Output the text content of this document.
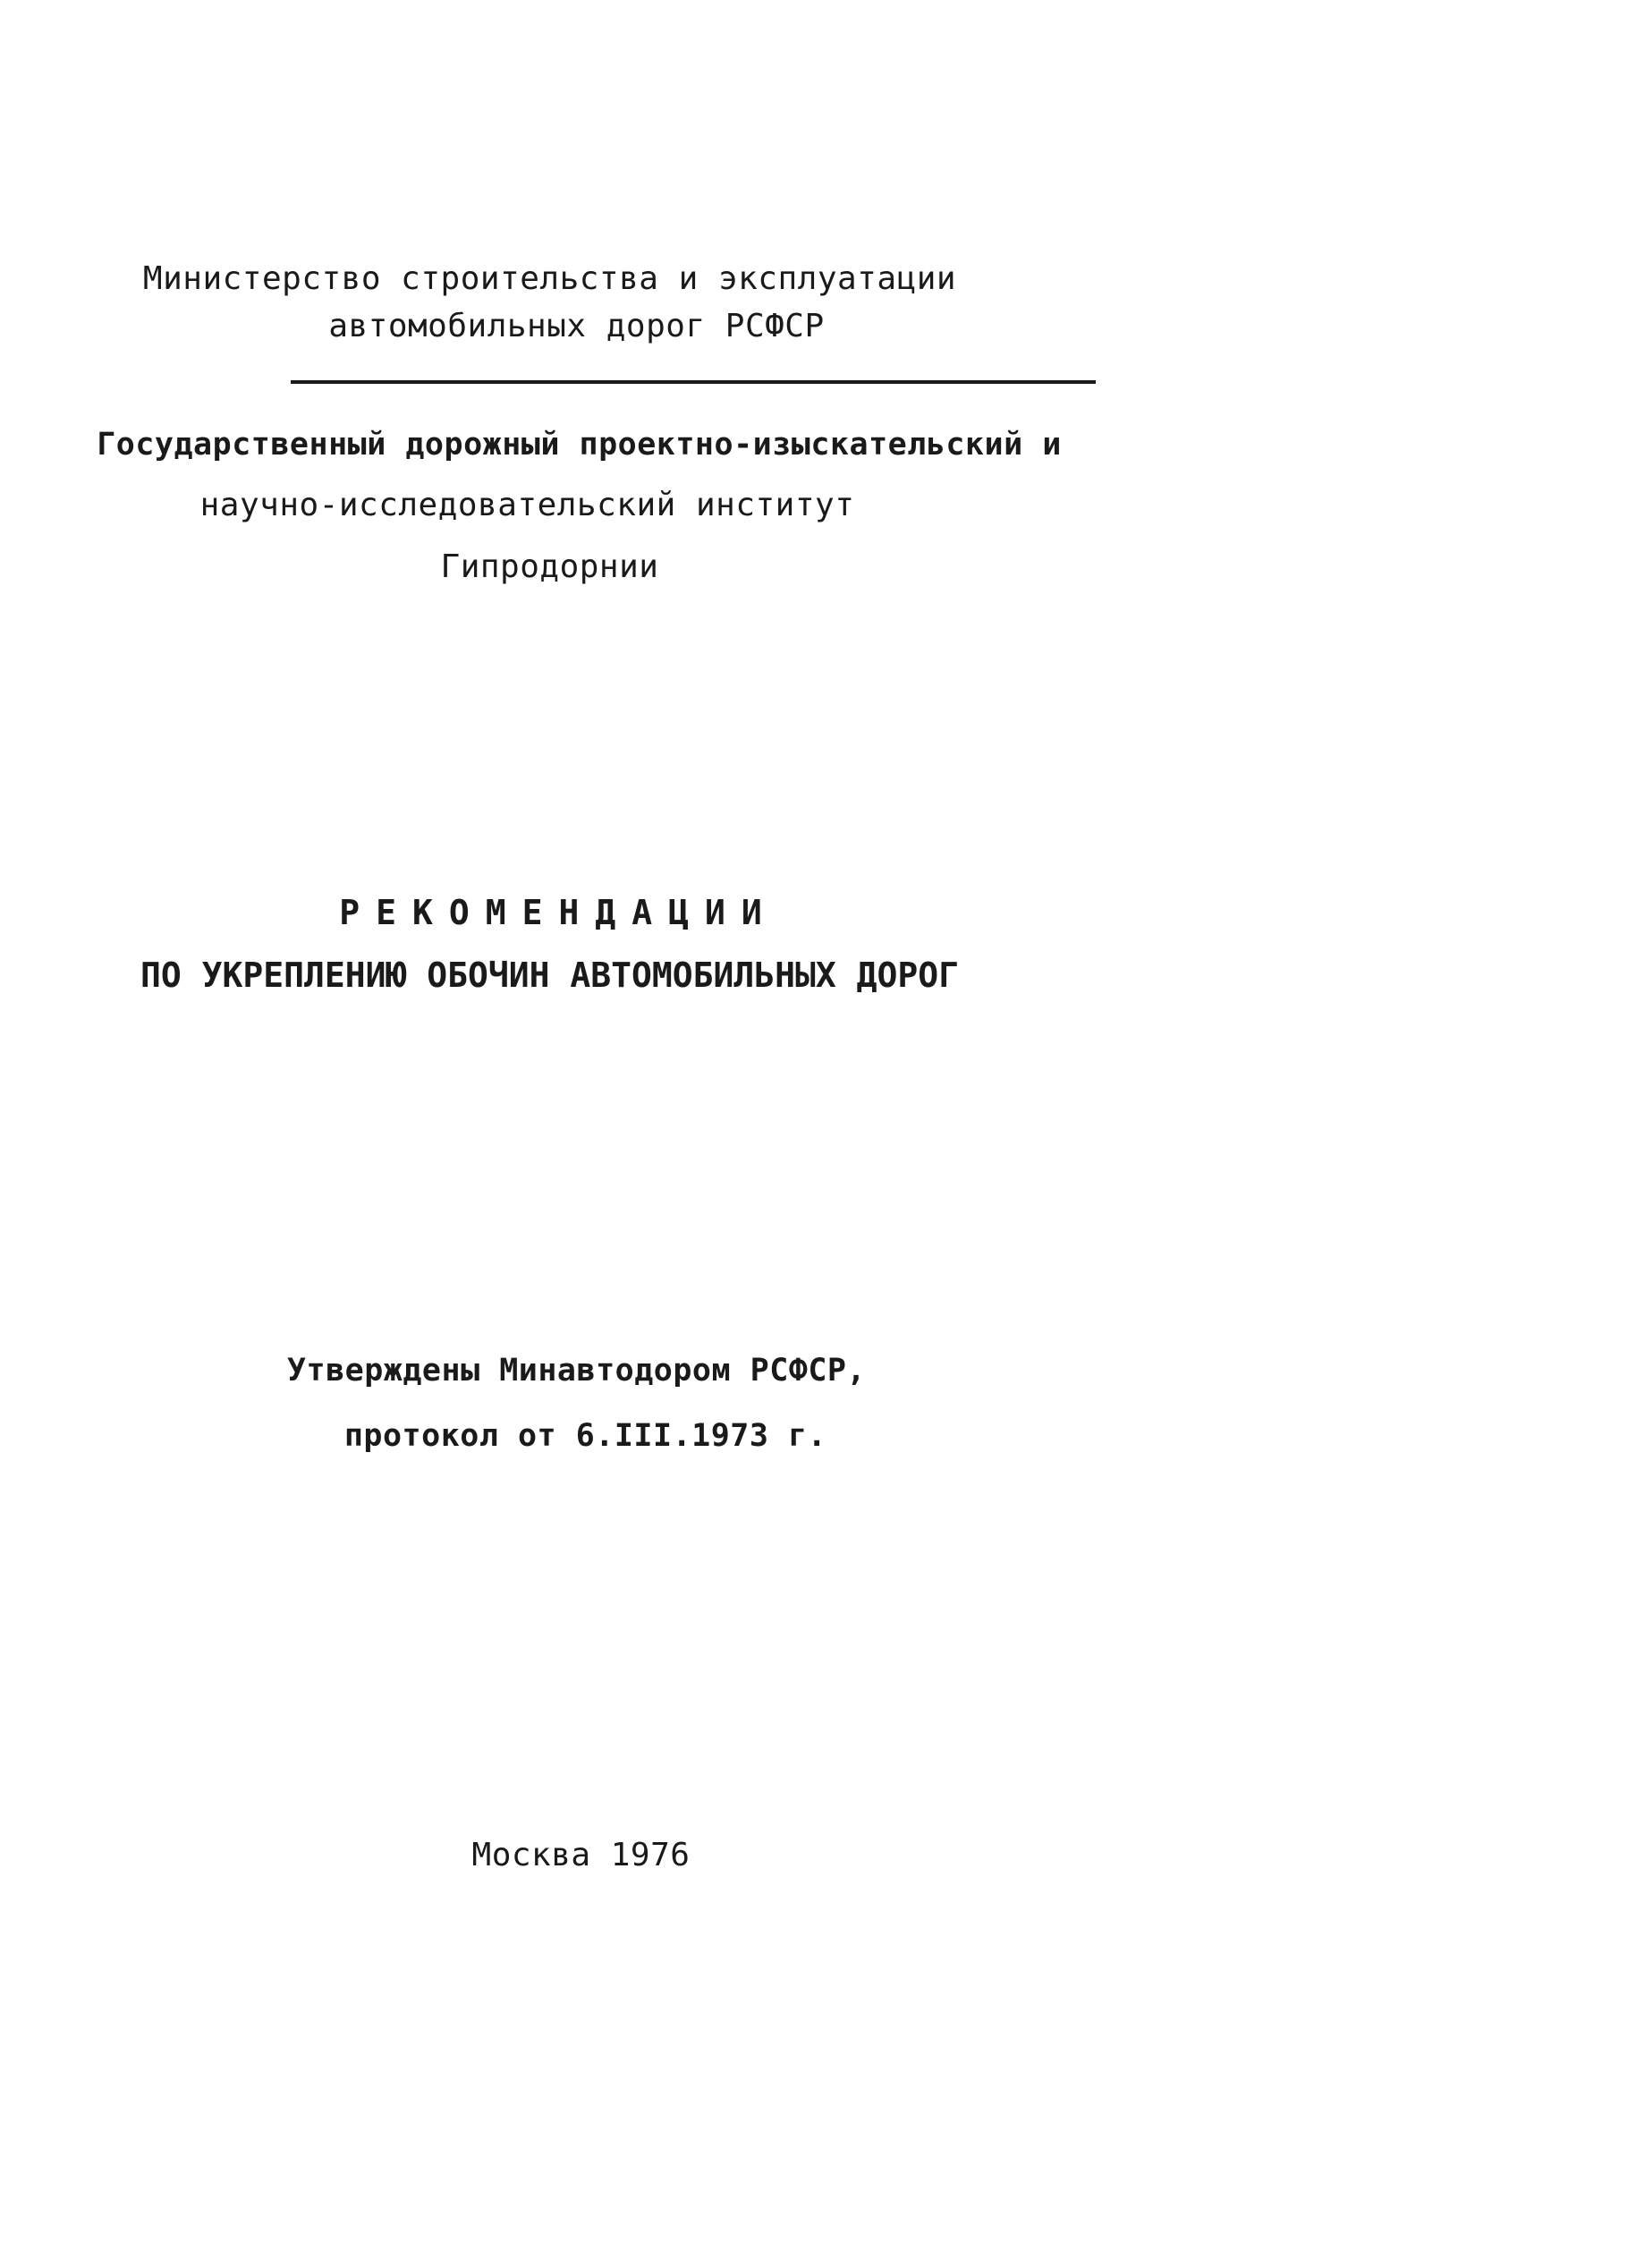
Министерство строительства и эксплуатации
автомобильных дорог РСФСР
Государственный дорожный проектно-изыскательский и
научно-исследовательский институт
Гипродорнии
РЕКОМЕНДАЦИИ
ПО УКРЕПЛЕНИЮ ОБОЧИН АВТОМОБИЛЬНЫХ ДОРОГ
Утверждены Минавтодором РСФСР,
протокол от 6.III.1973 г.
Москва 1976
